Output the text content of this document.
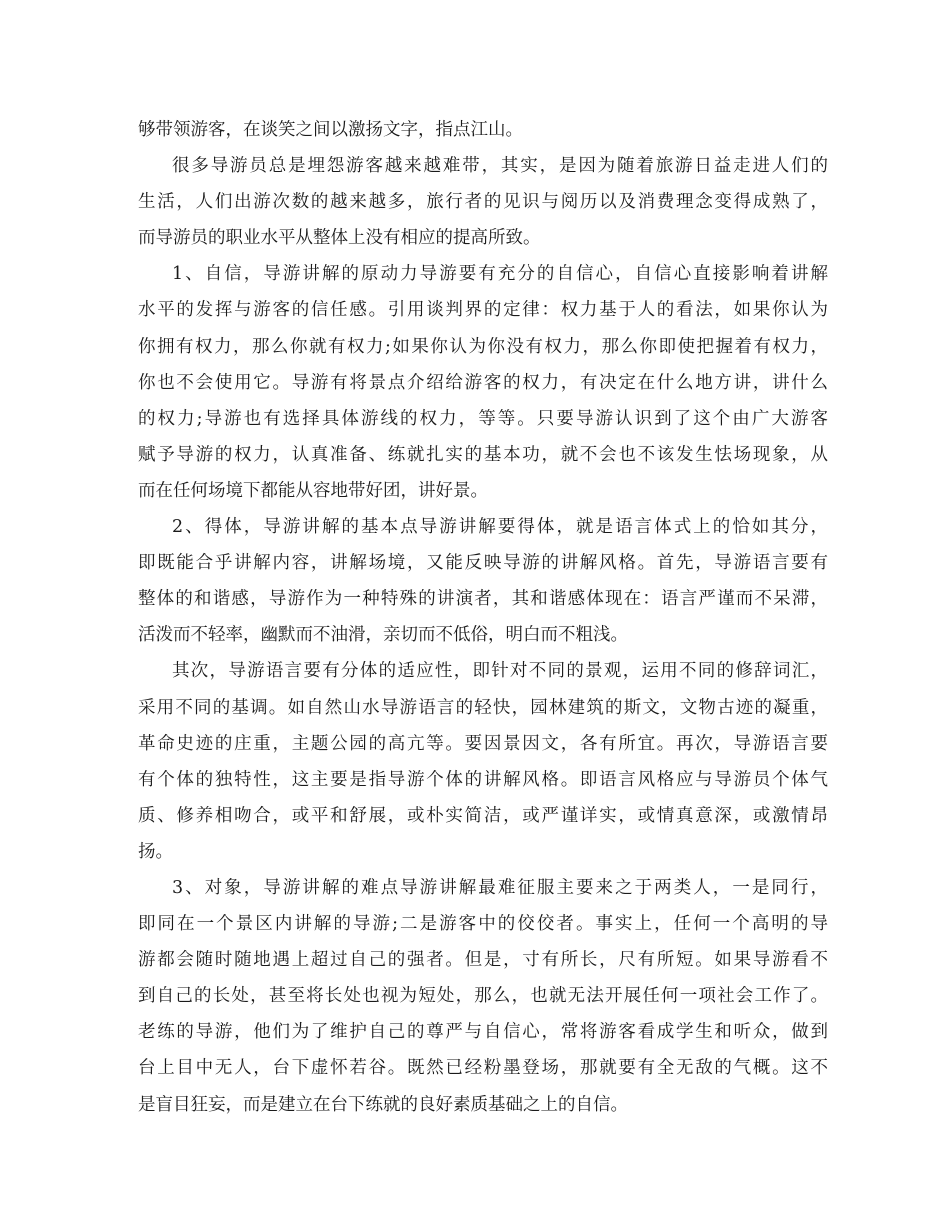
够带领游客，在谈笑之间以激扬文字，指点江山。
很多导游员总是埋怨游客越来越难带，其实，是因为随着旅游日益走进人们的
生活，人们出游次数的越来越多，旅行者的见识与阅历以及消费理念变得成熟了，
而导游员的职业水平从整体上没有相应的提高所致。
1、自信，导游讲解的原动力导游要有充分的自信心，自信心直接影响着讲解
水平的发挥与游客的信任感。引用谈判界的定律：权力基于人的看法，如果你认为
你拥有权力，那么你就有权力;如果你认为你没有权力，那么你即使把握着有权力，
你也不会使用它。导游有将景点介绍给游客的权力，有决定在什么地方讲，讲什么
的权力;导游也有选择具体游线的权力，等等。只要导游认识到了这个由广大游客
赋予导游的权力，认真准备、练就扎实的基本功，就不会也不该发生怯场现象，从
而在任何场境下都能从容地带好团，讲好景。
2、得体，导游讲解的基本点导游讲解要得体，就是语言体式上的恰如其分，
即既能合乎讲解内容，讲解场境，又能反映导游的讲解风格。首先，导游语言要有
整体的和谐感，导游作为一种特殊的讲演者，其和谐感体现在：语言严谨而不呆滞，
活泼而不轻率，幽默而不油滑，亲切而不低俗，明白而不粗浅。
其次，导游语言要有分体的适应性，即针对不同的景观，运用不同的修辞词汇，
采用不同的基调。如自然山水导游语言的轻快，园林建筑的斯文，文物古迹的凝重，
革命史迹的庄重，主题公园的高亢等。要因景因文，各有所宜。再次，导游语言要
有个体的独特性，这主要是指导游个体的讲解风格。即语言风格应与导游员个体气
质、修养相吻合，或平和舒展，或朴实简洁，或严谨详实，或情真意深，或激情昂
扬。
3、对象，导游讲解的难点导游讲解最难征服主要来之于两类人，一是同行，
即同在一个景区内讲解的导游;二是游客中的佼佼者。事实上，任何一个高明的导
游都会随时随地遇上超过自己的强者。但是，寸有所长，尺有所短。如果导游看不
到自己的长处，甚至将长处也视为短处，那么，也就无法开展任何一项社会工作了。
老练的导游，他们为了维护自己的尊严与自信心，常将游客看成学生和听众，做到
台上目中无人，台下虚怀若谷。既然已经粉墨登场，那就要有全无敌的气概。这不
是盲目狂妄，而是建立在台下练就的良好素质基础之上的自信。
